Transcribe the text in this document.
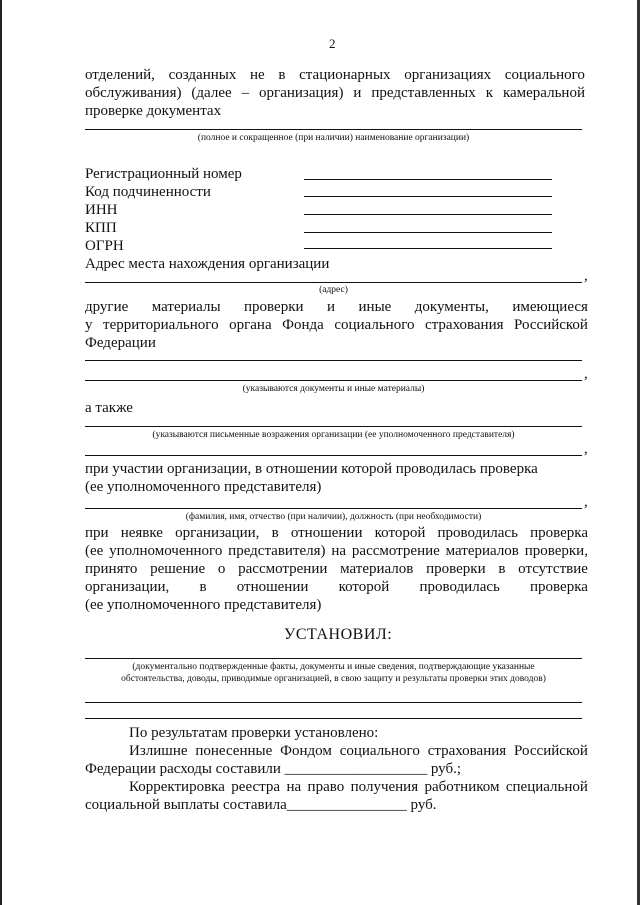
2
отделений, созданных не в стационарных организациях социального
обслуживания) (далее – организация) и представленных к камеральной
проверке документах
(полное и сокращенное (при наличии) наименование организации)
Регистрационный номер
Код подчиненности
ИНН
КПП
ОГРН
Адрес места нахождения организации
,
(адрес)
другие материалы проверки и иные документы, имеющиеся
у территориального органа Фонда социального страхования Российской
Федерации
,
(указываются документы и иные материалы)
а также
(указываются письменные возражения организации (ее уполномоченного представителя)
,
при участии организации, в отношении которой проводилась проверка
(ее уполномоченного представителя)
,
(фамилия, имя, отчество (при наличии), должность (при необходимости)
при неявке организации, в отношении которой проводилась проверка
(ее уполномоченного представителя) на рассмотрение материалов проверки,
принято решение о рассмотрении материалов проверки в отсутствие
организации, в отношении которой проводилась проверка
(ее уполномоченного представителя)
УСТАНОВИЛ:
(документально подтвержденные факты, документы и иные сведения, подтверждающие указанные
обстоятельства, доводы, приводимые организацией, в свою защиту и результаты проверки этих доводов)
По результатам проверки установлено:
Излишне понесенные Фондом социального страхования Российской
Федерации расходы составили ___________________ руб.;
Корректировка реестра на право получения работником специальной
социальной выплаты составила________________ руб.
